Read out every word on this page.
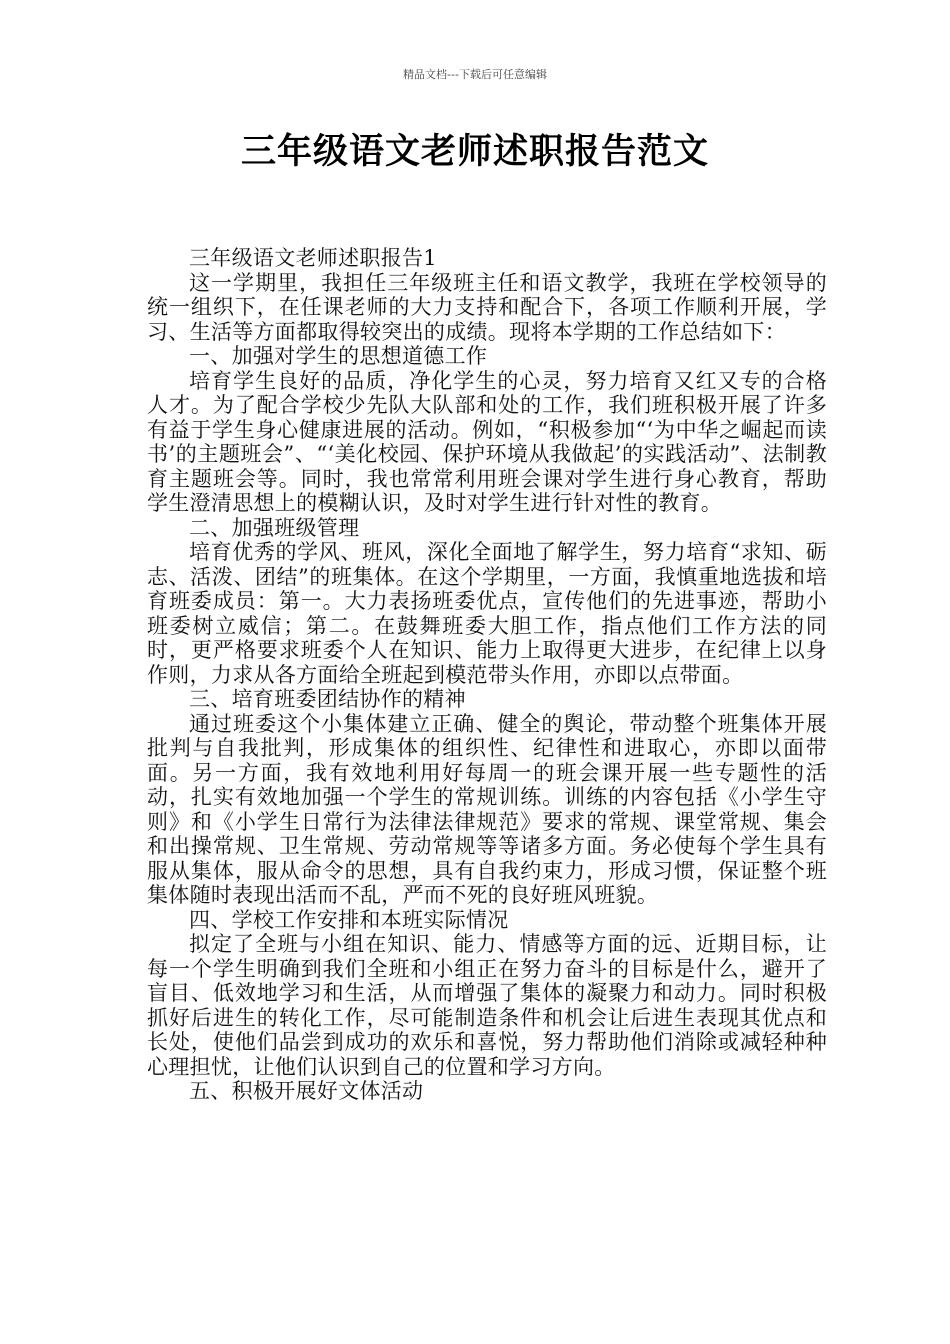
精品文档---下载后可任意编辑
三年级语文老师述职报告范文

三年级语文老师述职报告1

这一学期里，我担任三年级班主任和语文教学，我班在学校领导的统一组织下，在任课老师的大力支持和配合下，各项工作顺利开展，学习、生活等方面都取得较突出的成绩。现将本学期的工作总结如下：

一、加强对学生的思想道德工作

培育学生良好的品质，净化学生的心灵，努力培育又红又专的合格人才。为了配合学校少先队大队部和处的工作，我们班积极开展了许多有益于学生身心健康进展的活动。例如，“积极参加“‘为中华之崛起而读书’的主题班会”、“‘美化校园、保护环境从我做起’的实践活动”、法制教育主题班会等。同时，我也常常利用班会课对学生进行身心教育，帮助学生澄清思想上的模糊认识，及时对学生进行针对性的教育。

二、加强班级管理

培育优秀的学风、班风，深化全面地了解学生，努力培育“求知、砺志、活泼、团结”的班集体。在这个学期里，一方面，我慎重地选拔和培育班委成员：第一。大力表扬班委优点，宣传他们的先进事迹，帮助小班委树立威信；第二。在鼓舞班委大胆工作，指点他们工作方法的同时，更严格要求班委个人在知识、能力上取得更大进步，在纪律上以身作则，力求从各方面给全班起到模范带头作用，亦即以点带面。

三、培育班委团结协作的精神

通过班委这个小集体建立正确、健全的舆论，带动整个班集体开展批判与自我批判，形成集体的组织性、纪律性和进取心，亦即以面带面。另一方面，我有效地利用好每周一的班会课开展一些专题性的活动，扎实有效地加强一个学生的常规训练。训练的内容包括《小学生守则》和《小学生日常行为法律法律规范》要求的常规、课堂常规、集会和出操常规、卫生常规、劳动常规等等诸多方面。务必使每个学生具有服从集体，服从命令的思想，具有自我约束力，形成习惯，保证整个班集体随时表现出活而不乱，严而不死的良好班风班貌。

四、学校工作安排和本班实际情况

拟定了全班与小组在知识、能力、情感等方面的远、近期目标，让每一个学生明确到我们全班和小组正在努力奋斗的目标是什么，避开了盲目、低效地学习和生活，从而增强了集体的凝聚力和动力。同时积极抓好后进生的转化工作，尽可能制造条件和机会让后进生表现其优点和长处，使他们品尝到成功的欢乐和喜悦，努力帮助他们消除或减轻种种心理担忧，让他们认识到自己的位置和学习方向。

五、积极开展好文体活动
